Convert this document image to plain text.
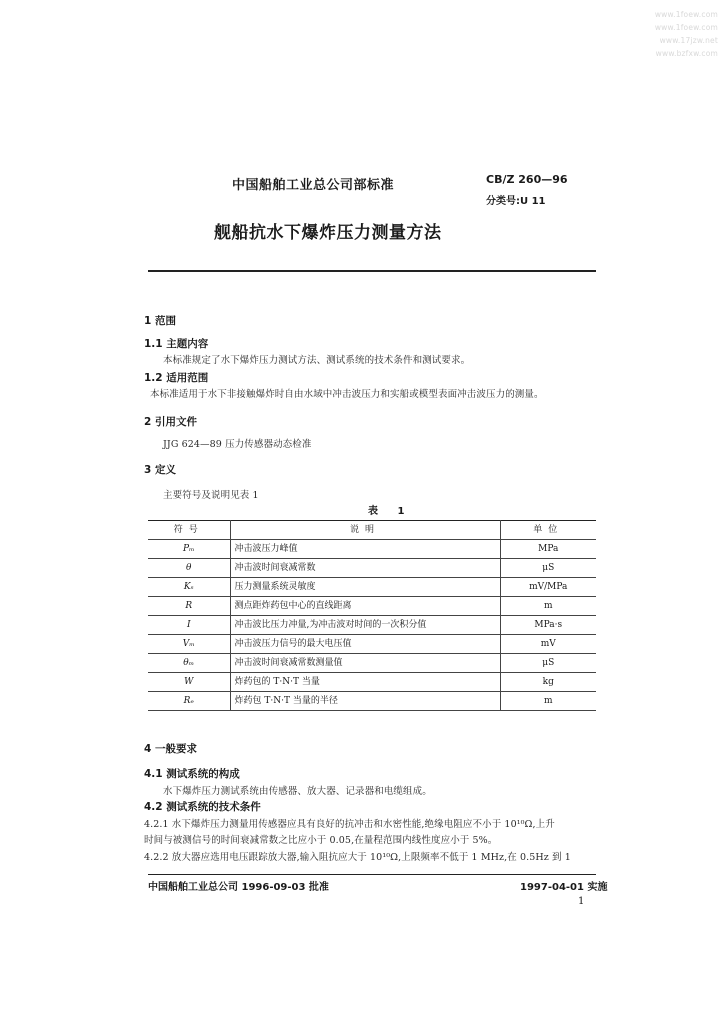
www.1foew.com
www.1foew.com
www.17jzw.net
www.bzfxw.com
中国船舶工业总公司部标准	CB/Z 260—96
分类号:U 11
舰船抗水下爆炸压力测量方法
1 范围
1.1 主题内容
本标准规定了水下爆炸压力测试方法、测试系统的技术条件和测试要求。
1.2 适用范围
本标准适用于水下非接触爆炸时自由水域中冲击波压力和实船或模型表面冲击波压力的测量。
2 引用文件
JJG 624—89 压力传感器动态检准
3 定义
主要符号及说明见表 1
表 1
符号	说明	单位
Pₘ	冲击波压力峰值	MPa
θ	冲击波时间衰减常数	μS
Kₛ	压力测量系统灵敏度	mV/MPa
R	测点距炸药包中心的直线距离	m
I	冲击波比压力冲量,为冲击波对时间的一次积分值	MPa·s
Vₘ	冲击波压力信号的最大电压值	mV
θₘ	冲击波时间衰减常数测量值	μS
W	炸药包的 T·N·T 当量	kg
Rₑ	炸药包 T·N·T 当量的半径	m
4 一般要求
4.1 测试系统的构成
水下爆炸压力测试系统由传感器、放大器、记录器和电缆组成。
4.2 测试系统的技术条件
4.2.1 水下爆炸压力测量用传感器应具有良好的抗冲击和水密性能,绝缘电阻应不小于 10¹⁰Ω,上升
时间与被测信号的时间衰减常数之比应小于 0.05,在量程范围内线性度应小于 5%。
4.2.2 放大器应选用电压跟踪放大器,输入阻抗应大于 10¹⁰Ω,上限频率不低于 1 MHz,在 0.5Hz 到 1
中国船舶工业总公司 1996-09-03 批准	1997-04-01 实施
1
